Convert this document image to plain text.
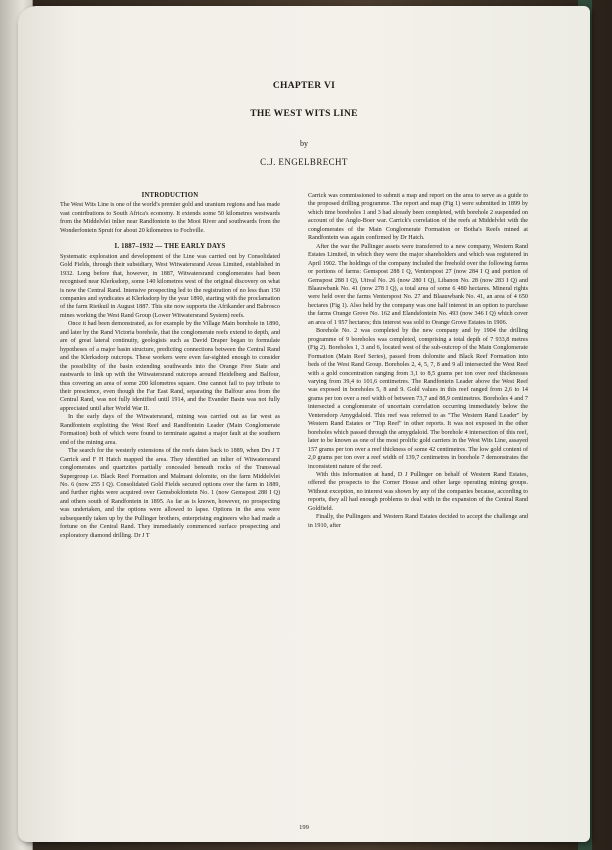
CHAPTER VI
THE WEST WITS LINE
by
C.J. ENGELBRECHT
INTRODUCTION

The West Wits Line is one of the world's premier gold and uranium regions and has made vast contributions to South Africa's economy. It extends some 50 kilometres westwards from the Middelvlei inlier near Randfontein to the Mooi River and southwards from the Wonderfontein Spruit for about 20 kilometres to Fochville.

I. 1887–1932 — THE EARLY DAYS

Systematic exploration and development of the Line was carried out by Consolidated Gold Fields, through their subsidiary, West Witwatersrand Areas Limited, established in 1932. Long before that, however, in 1887, Witwatersrand conglomerates had been recognised near Klerksdorp, some 140 kilometres west of the original discovery on what is now the Central Rand. Intensive prospecting led to the registration of no less than 150 companies and syndicates at Klerksdorp by the year 1890, starting with the proclamation of the farm Rietkuil in August 1887. This site now supports the Afrikander and Babrosco mines working the West Rand Group (Lower Witwatersrand System) reefs.

Once it had been demonstrated, as for example by the Village Main borehole in 1890, and later by the Rand Victoria borehole, that the conglomerate reefs extend to depth, and are of great lateral continuity, geologists such as David Draper began to formulate hypotheses of a major basin structure, predicting connections between the Central Rand and the Klerksdorp outcrops. These workers were even far-sighted enough to consider the possibility of the basin extending southwards into the Orange Free State and eastwards to link up with the Witwatersrand outcrops around Heidelberg and Balfour, thus covering an area of some 200 kilometres square. One cannot fail to pay tribute to their prescience, even though the Far East Rand, separating the Balfour area from the Central Rand, was not fully identified until 1914, and the Evander Basin was not fully appreciated until after World War II.

In the early days of the Witwatersrand, mining was carried out as far west as Randfontein exploiting the West Reef and Randfontein Leader (Main Conglomerate Formation) both of which were found to terminate against a major fault at the southern end of the mining area.

The search for the westerly extensions of the reefs dates back to 1889, when Drs J T Carrick and F H Hatch mapped the area. They identified an inlier of Witwatersrand conglomerates and quartzites partially concealed beneath rocks of the Transvaal Supergroup i.e. Black Reef Formation and Malmani dolomite, on the farm Middelvlei No. 6 (now 255 I Q). Consolidated Gold Fields secured options over the farm in 1889, and further rights were acquired over Gemsbokfontein No. 1 (now Gemspost 288 I Q) and others south of Randfontein in 1895. As far as is known, however, no prospecting was undertaken, and the options were allowed to lapse. Options in the area were subsequently taken up by the Pullinger brothers, enterprising engineers who had made a fortune on the Central Rand. They immediately commenced surface prospecting and exploratory diamond drilling. Dr J T

Carrick was commissioned to submit a map and report on the area to serve as a guide to the proposed drilling programme. The report and map (Fig 1) were submitted in 1899 by which time boreholes 1 and 3 had already been completed, with borehole 2 suspended on account of the Anglo-Boer war. Carrick's correlation of the reefs at Middelvlei with the conglomerates of the Main Conglomerate Formation or Botha's Reefs mined at Randfontein was again confirmed by Dr Hatch.

After the war the Pullinger assets were transferred to a new company, Western Rand Estates Limited, in which they were the major shareholders and which was registered in April 1902. The holdings of the company included the freehold over the following farms or portions of farms: Gemspost 288 I Q, Venterspost 27 (now 284 I Q and portion of Gemspost 288 I Q), Uitval No. 26 (now 280 I Q), Libanon No. 28 (now 283 I Q) and Blaauwbank No. 41 (now 278 I Q), a total area of some 6 480 hectares. Mineral rights were held over the farms Venterspost No. 27 and Blaauwbank No. 41, an area of 4 650 hectares (Fig 1). Also held by the company was one half interest in an option to purchase the farms Orange Grove No. 162 and Elandsfontein No. 493 (now 346 I Q) which cover an area of 1 957 hectares; this interest was sold to Orange Grove Estates in 1906.

Borehole No. 2 was completed by the new company and by 1904 the drilling programme of 9 boreholes was completed, comprising a total depth of 7 933,8 metres (Fig 2). Boreholes 1, 3 and 6, located west of the sub-outcrop of the Main Conglomerate Formation (Main Reef Series), passed from dolomite and Black Reef Formation into beds of the West Rand Group. Boreholes 2, 4, 5, 7, 8 and 9 all intersected the West Reef with a gold concentration ranging from 3,1 to 8,5 grams per ton over reef thicknesses varying from 39,4 to 101,6 centimetres. The Randfontein Leader above the West Reef was exposed in boreholes 5, 8 and 9. Gold values in this reef ranged from 2,6 to 14 grams per ton over a reef width of between 73,7 and 88,9 centimetres. Boreholes 4 and 7 intersected a conglomerate of uncertain correlation occurring immediately below the Ventersdorp Amygdaloid. This reef was referred to as "The Western Rand Leader" by Western Rand Estates or "Top Reef" in other reports. It was not exposed in the other boreholes which passed through the amygdaloid. The borehole 4 intersection of this reef, later to be known as one of the most prolific gold carriers in the West Wits Line, assayed 157 grams per ton over a reef thickness of some 42 centimetres. The low gold content of 2,0 grams per ton over a reef width of 139,7 centimetres in borehole 7 demonstrates the inconsistent nature of the reef.

With this information at hand, D J Pullinger on behalf of Western Rand Estates, offered the prospects to the Corner House and other large operating mining groups. Without exception, no interest was shown by any of the companies because, according to reports, they all had enough problems to deal with in the expansion of the Central Rand Goldfield.

Finally, the Pullingers and Western Rand Estates decided to accept the challenge and in 1910, after

199
